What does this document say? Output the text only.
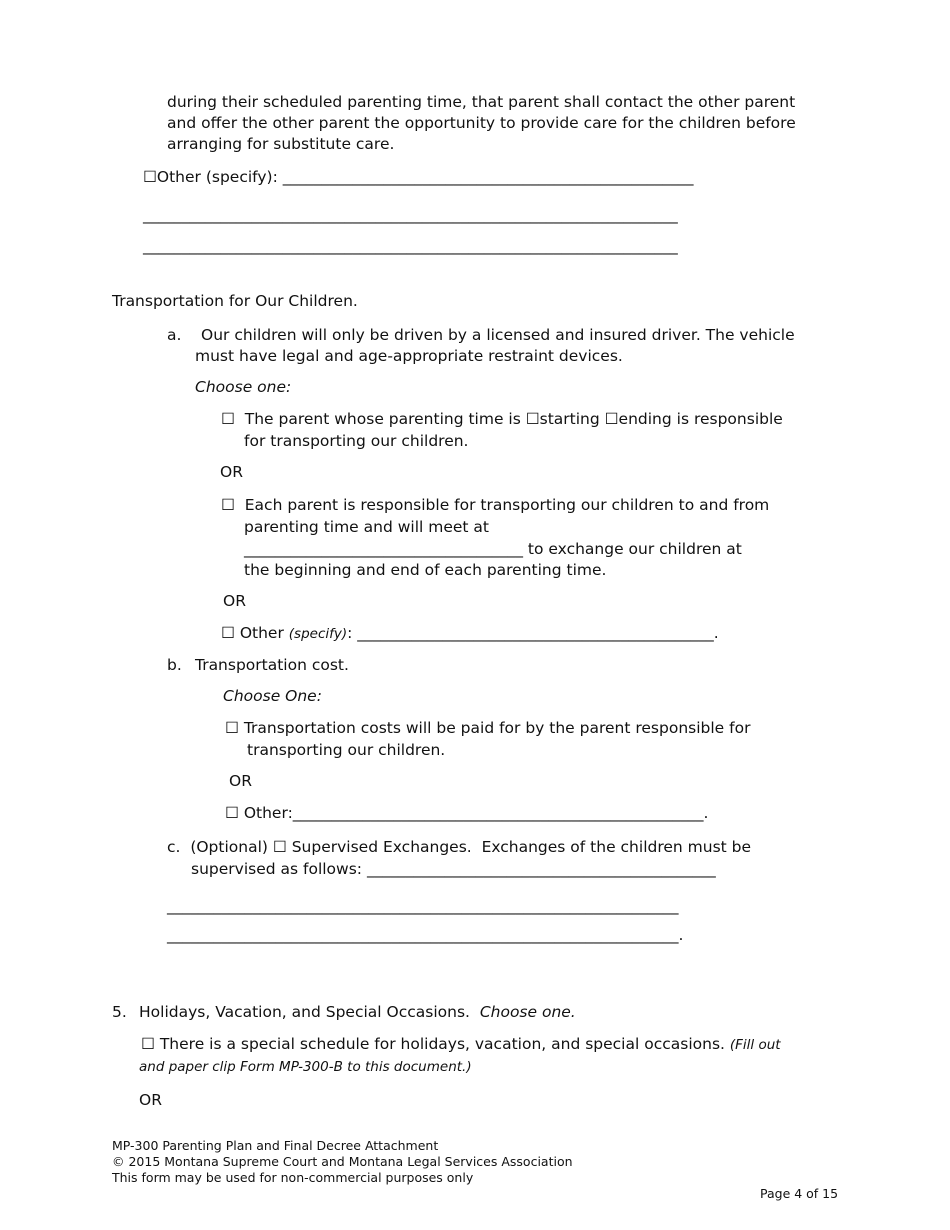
during their scheduled parenting time, that parent shall contact the other parent

and offer the other parent the opportunity to provide care for the children before

arranging for substitute care.

☐Other (specify): _____________________________________________________

_____________________________________________________________________

_____________________________________________________________________

Transportation for Our Children.

a. Our children will only be driven by a licensed and insured driver. The vehicle

must have legal and age-appropriate restraint devices.

Choose one:

☐ The parent whose parenting time is ☐starting ☐ending is responsible

for transporting our children.

OR

☐ Each parent is responsible for transporting our children to and from

parenting time and will meet at

____________________________________ to exchange our children at

the beginning and end of each parenting time.

OR

☐ Other (specify): ______________________________________________.

b. Transportation cost.

Choose One:

☐ Transportation costs will be paid for by the parent responsible for

transporting our children.

OR

☐ Other:_____________________________________________________.

c. (Optional) ☐ Supervised Exchanges.  Exchanges of the children must be

supervised as follows: _____________________________________________

__________________________________________________________________

__________________________________________________________________.

5. Holidays, Vacation, and Special Occasions.  Choose one.

☐ There is a special schedule for holidays, vacation, and special occasions. (Fill out

and paper clip Form MP-300-B to this document.)

OR

MP-300 Parenting Plan and Final Decree Attachment

© 2015 Montana Supreme Court and Montana Legal Services Association

This form may be used for non-commercial purposes only

Page 4 of 15
